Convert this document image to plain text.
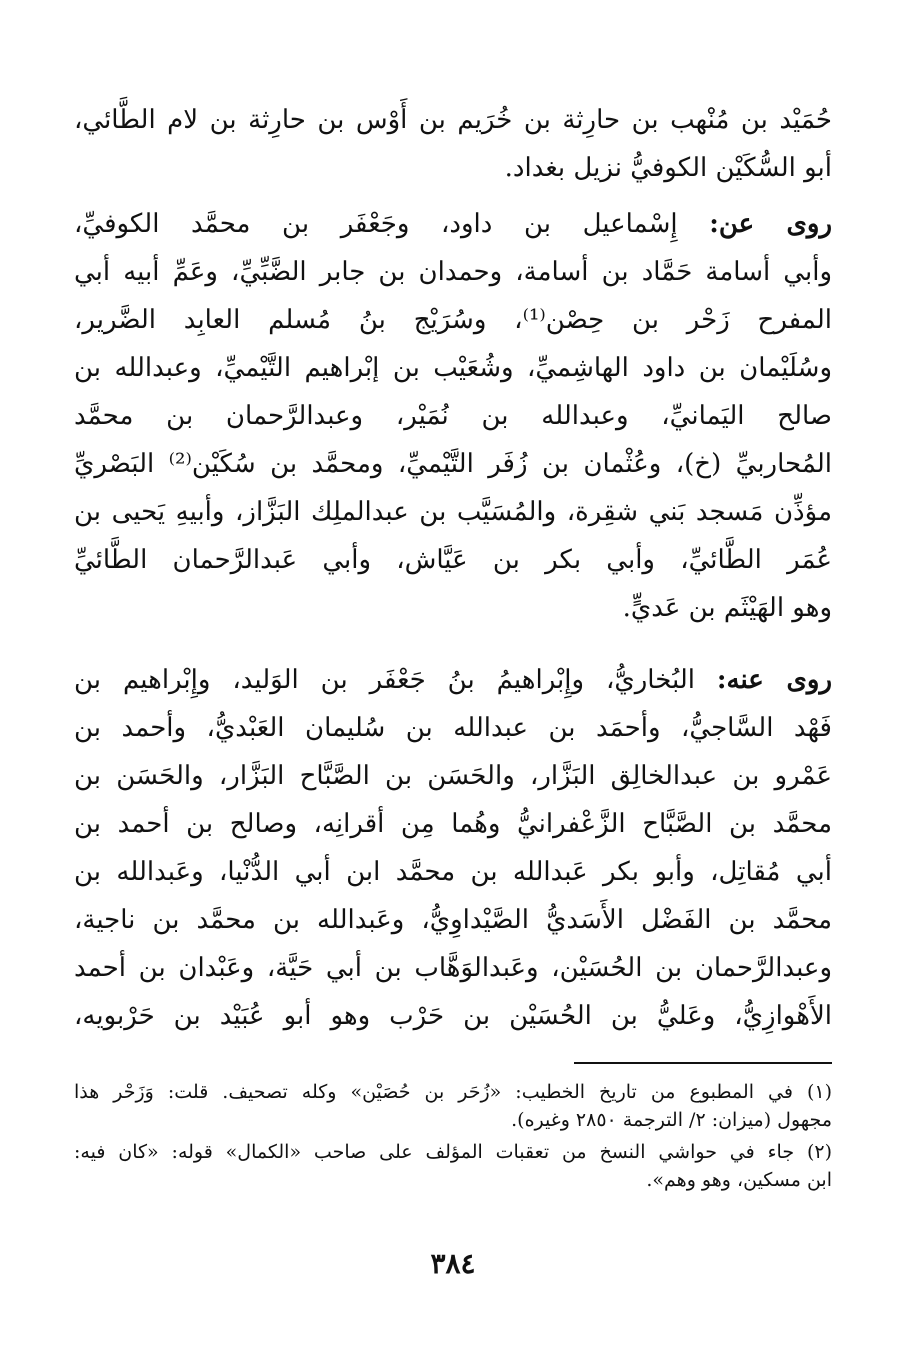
حُمَيْد بن مُنْهب بن حارِثة بن خُرَيم بن أَوْس بن حارِثة بن لام الطَّائي،
أبو السُّكَيْن الكوفيُّ نزيل بغداد.
روى عن: إِسْماعيل بن داود، وجَعْفَر بن محمَّد الكوفيِّ،
وأبي أسامة حَمَّاد بن أسامة، وحمدان بن جابر الضَّبِّيِّ، وعَمِّ أبيه أبي
المفرح زَحْر بن حِصْن⁽¹⁾، وسُرَيْج بنُ مُسلم العابِد الضَّرير،
وسُلَيْمان بن داود الهاشِميِّ، وشُعَيْب بن إبْراهيم التَّيْميِّ، وعبدالله بن
صالح اليَمانيِّ، وعبدالله بن نُمَيْر، وعبدالرَّحمان بن محمَّد
المُحاربيِّ (خ)، وعُثْمان بن زُفَر التَّيْميِّ، ومحمَّد بن سُكَيْن⁽²⁾ البَصْريِّ
مؤذِّن مَسجد بَني شقِرة، والمُسَيَّب بن عبدالملِك البَزَّاز، وأبيهِ يَحيى بن
عُمَر الطَّائيِّ، وأبي بكر بن عَيَّاش، وأبي عَبدالرَّحمان الطَّائيِّ
وهو الهَيْثَم بن عَديٍّ.
روى عنه: البُخاريُّ، وإِبْراهيمُ بنُ جَعْفَر بن الوَليد، وإِبْراهيم بن
فَهْد السَّاجيُّ، وأحمَد بن عبدالله بن سُليمان العَبْديُّ، وأحمد بن
عَمْرو بن عبدالخالِق البَزَّار، والحَسَن بن الصَّبَّاح البَزَّار، والحَسَن بن
محمَّد بن الصَّبَّاح الزَّعْفرانيُّ وهُما مِن أقرانِه، وصالح بن أحمد بن
أبي مُقاتِل، وأبو بكر عَبدالله بن محمَّد ابن أبي الدُّنْيا، وعَبدالله بن
محمَّد بن الفَضْل الأَسَديُّ الصَّيْداوِيُّ، وعَبدالله بن محمَّد بن ناجية،
وعبدالرَّحمان بن الحُسَيْن، وعَبدالوَهَّاب بن أبي حَيَّة، وعَبْدان بن أحمد
الأَهْوازِيُّ، وعَليُّ بن الحُسَيْن بن حَرْب وهو أبو عُبَيْد بن حَرْبويه،
(١) في المطبوع من تاريخ الخطيب: «زُحَر بن حُصَيْن» وكله تصحيف. قلت: وَزَحْر هذا
مجهول (ميزان: ٢/ الترجمة ٢٨٥٠ وغيره).
(٢) جاء في حواشي النسخ من تعقبات المؤلف على صاحب «الكمال» قوله: «كان فيه:
ابن مسكين، وهو وهم».
٣٨٤
